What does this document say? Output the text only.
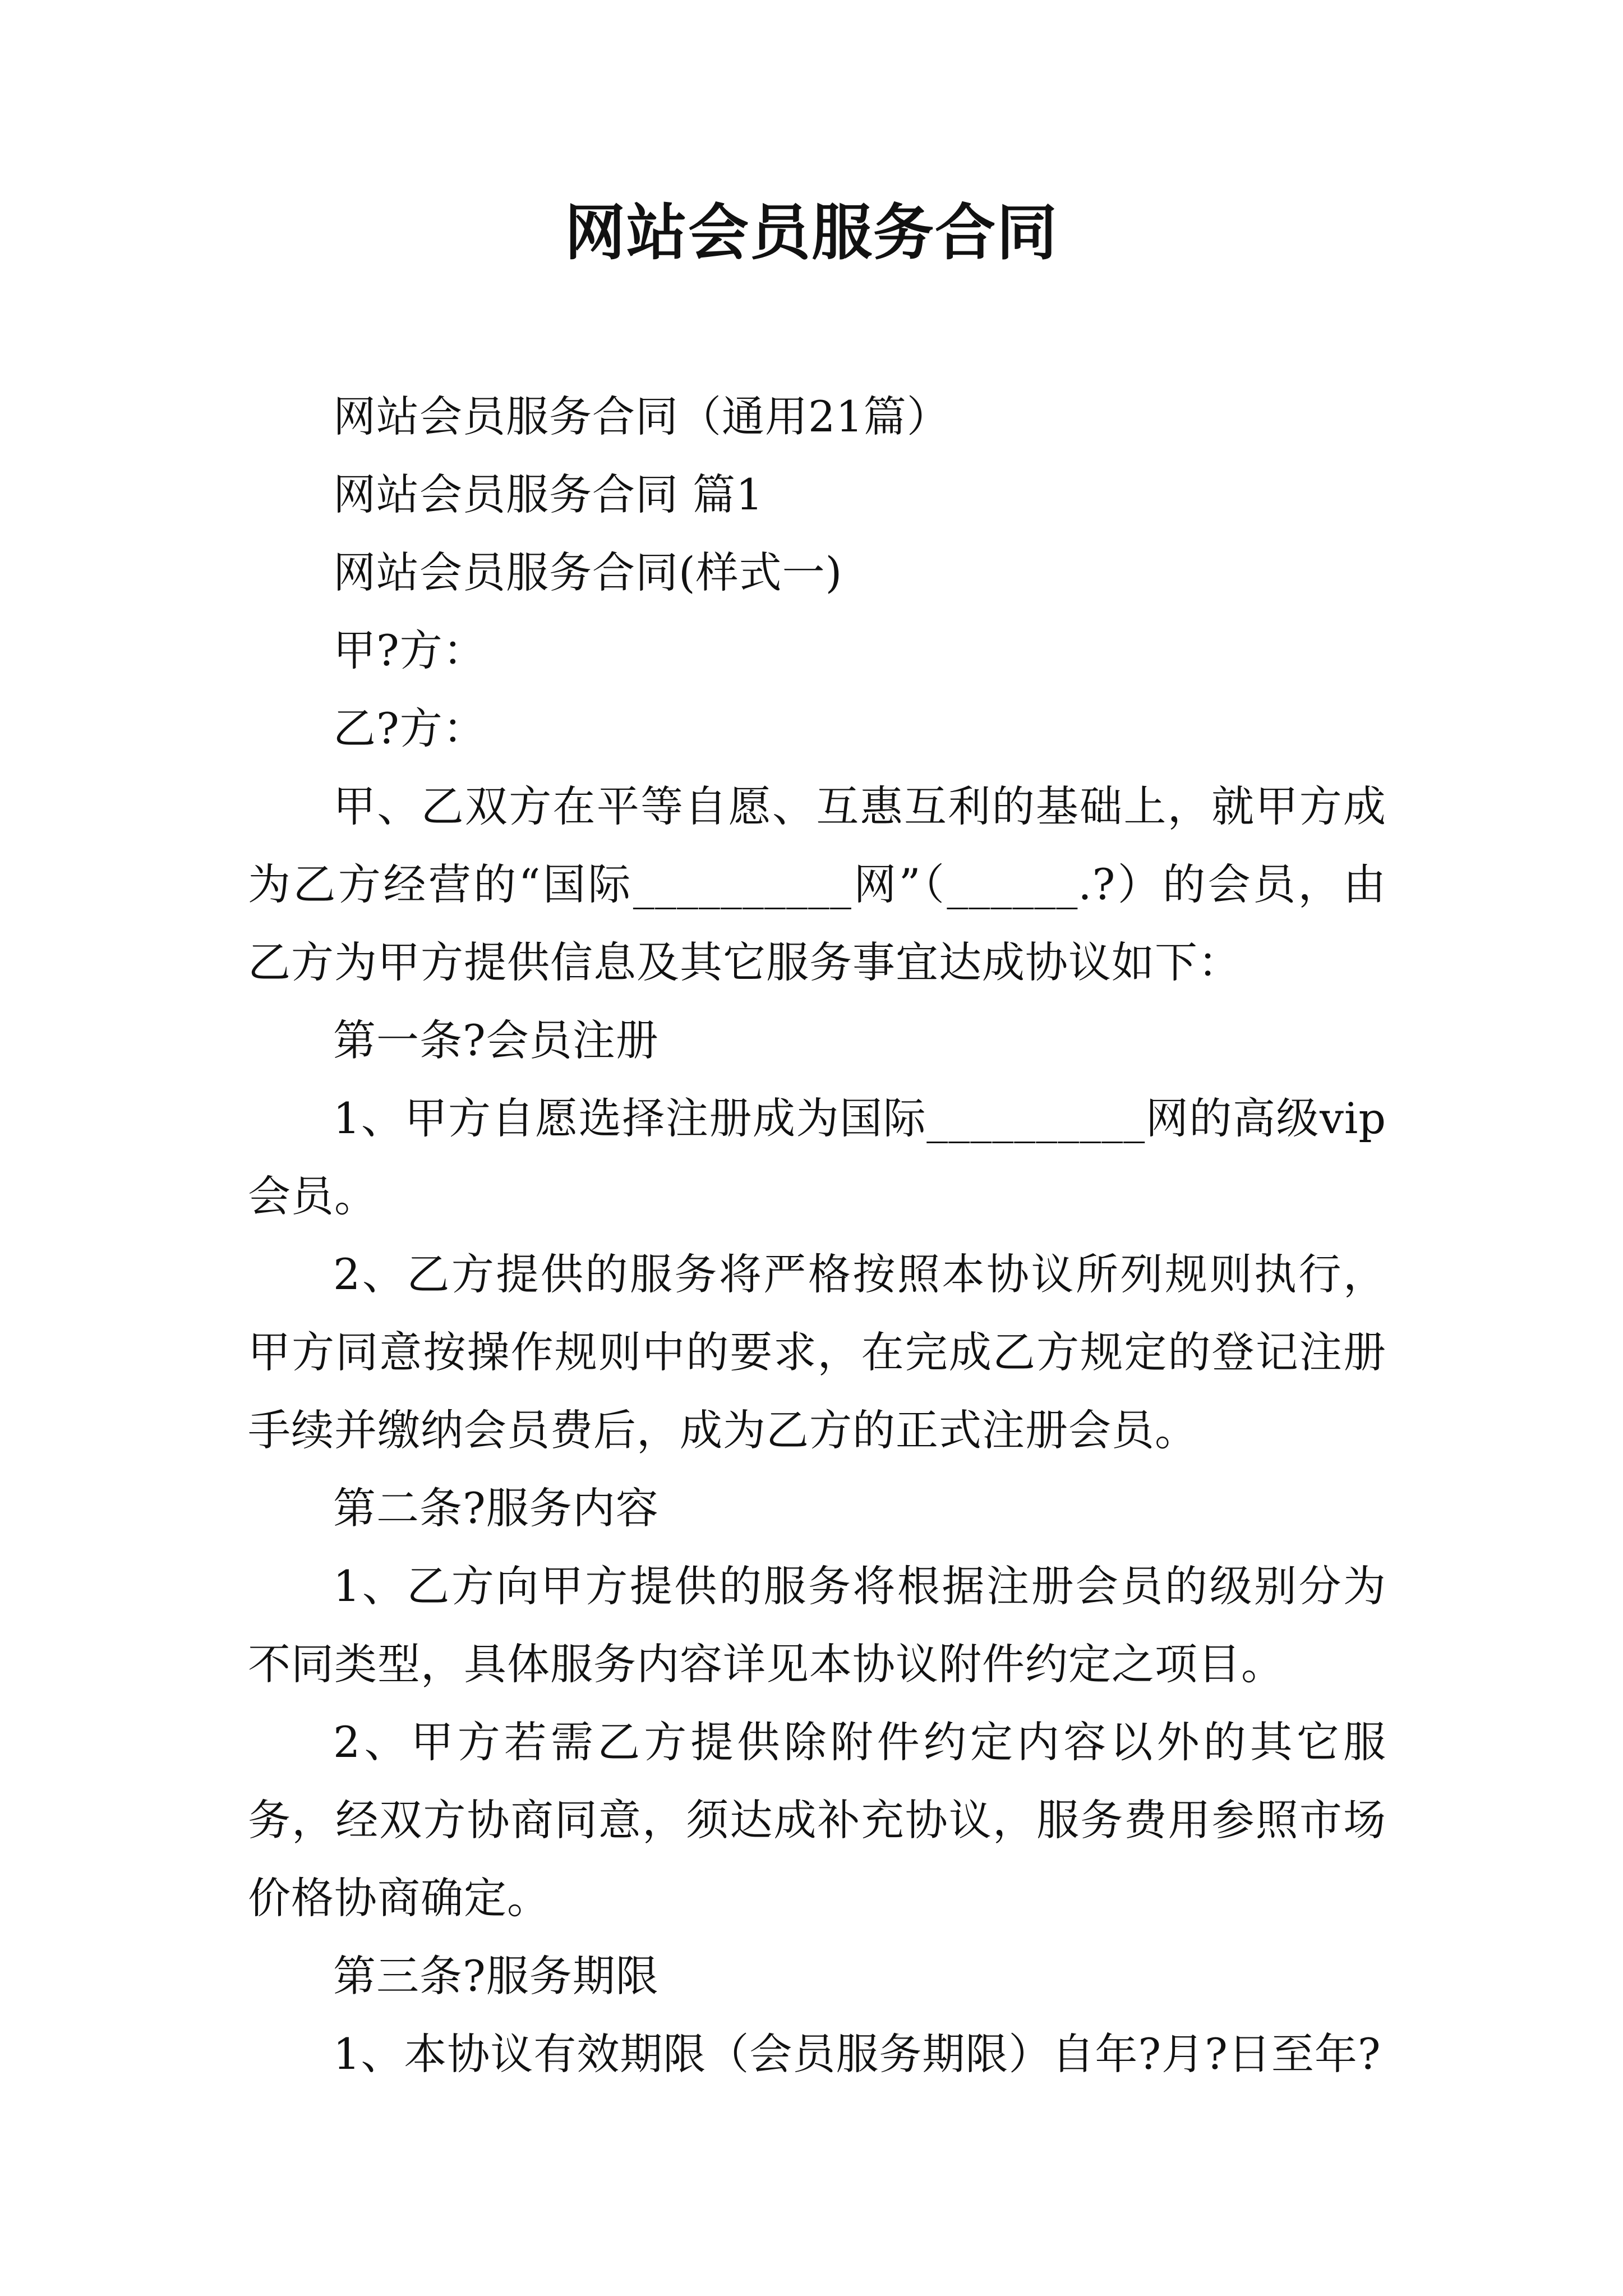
网站会员服务合同

网站会员服务合同（通用21篇）

网站会员服务合同 篇1

网站会员服务合同(样式一)

甲?方：

乙?方：

甲、乙双方在平等自愿、互惠互利的基础上，就甲方成为乙方经营的“国际__________网”（______.?）的会员，由乙方为甲方提供信息及其它服务事宜达成协议如下：

第一条?会员注册

1、甲方自愿选择注册成为国际__________网的高级vip会员。

2、乙方提供的服务将严格按照本协议所列规则执行，甲方同意按操作规则中的要求，在完成乙方规定的登记注册手续并缴纳会员费后，成为乙方的正式注册会员。

第二条?服务内容

1、乙方向甲方提供的服务将根据注册会员的级别分为不同类型，具体服务内容详见本协议附件约定之项目。

2、甲方若需乙方提供除附件约定内容以外的其它服务，经双方协商同意，须达成补充协议，服务费用参照市场价格协商确定。

第三条?服务期限

1、本协议有效期限（会员服务期限）自年?月?日至年?
